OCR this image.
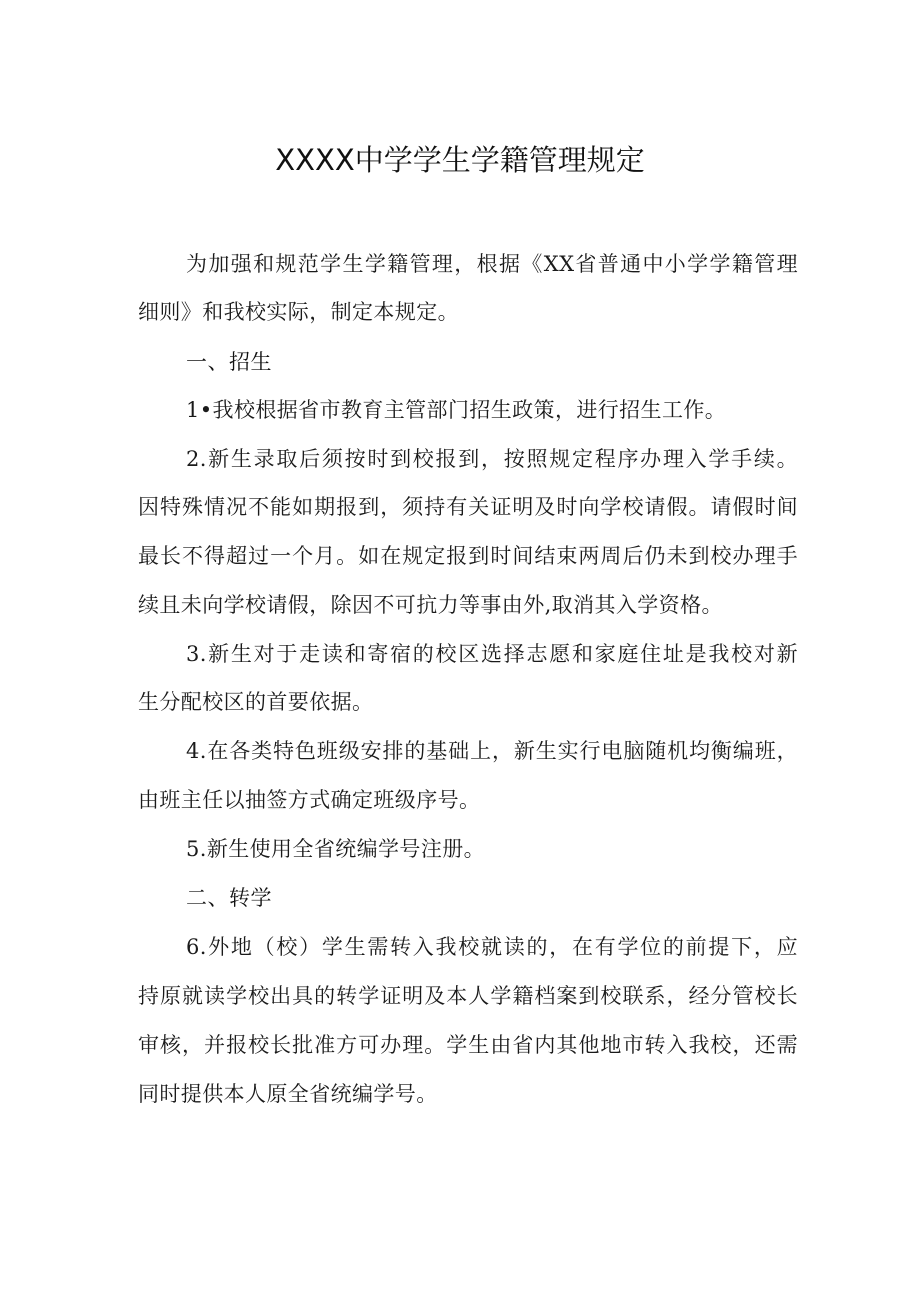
XXXX中学学生学籍管理规定
为加强和规范学生学籍管理，根据《XX省普通中小学学籍管理
细则》和我校实际，制定本规定。
一、招生
1•我校根据省市教育主管部门招生政策，进行招生工作。
2.新生录取后须按时到校报到，按照规定程序办理入学手续。
因特殊情况不能如期报到，须持有关证明及时向学校请假。请假时间
最长不得超过一个月。如在规定报到时间结束两周后仍未到校办理手
续且未向学校请假，除因不可抗力等事由外,取消其入学资格。
3.新生对于走读和寄宿的校区选择志愿和家庭住址是我校对新
生分配校区的首要依据。
4.在各类特色班级安排的基础上，新生实行电脑随机均衡编班，
由班主任以抽签方式确定班级序号。
5.新生使用全省统编学号注册。
二、转学
6.外地（校）学生需转入我校就读的，在有学位的前提下，应
持原就读学校出具的转学证明及本人学籍档案到校联系，经分管校长
审核，并报校长批准方可办理。学生由省内其他地市转入我校，还需
同时提供本人原全省统编学号。
